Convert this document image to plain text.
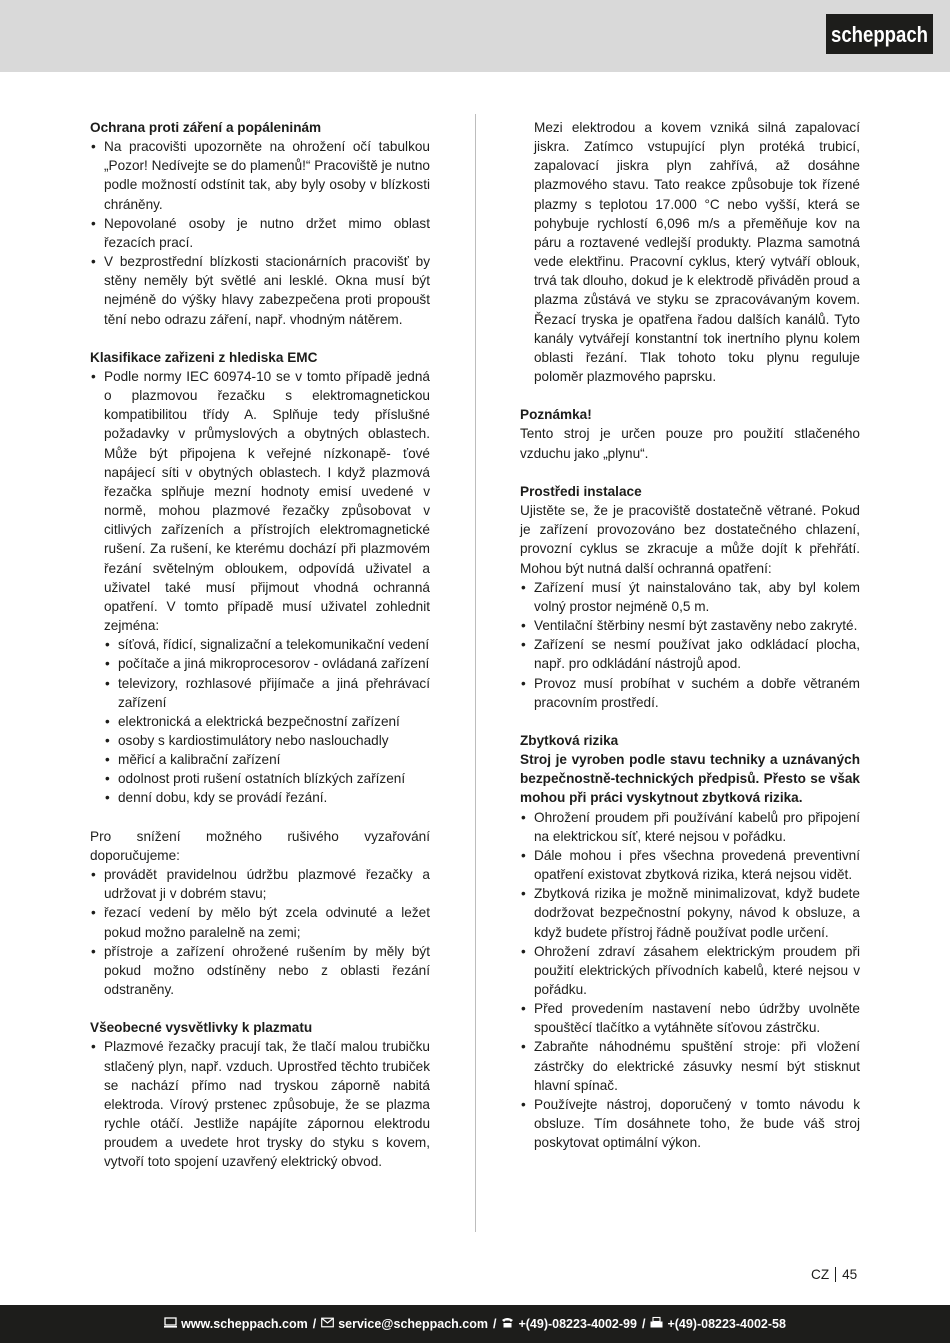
scheppach

Ochrana proti záření a popáleninám

• Na pracovišti upozorněte na ohrožení očí tabulkou „Pozor! Nedívejte se do plamenů!“ Pracoviště je nutno podle možností odstínit tak, aby byly osoby v blízkosti chráněny.
• Nepovolané osoby je nutno držet mimo oblast řezacích prací.
• V bezprostřední blízkosti stacionárních pracovišť by stěny neměly být světlé ani lesklé. Okna musí být nejméně do výšky hlavy zabezpečena proti propoušt tění nebo odrazu záření, např. vhodným nátěrem.

Klasifikace zařizeni z hlediska EMC

• Podle normy IEC 60974-10 se v tomto případě jedná o plazmovou řezačku s elektromagnetickou kompatibilitou třídy A. Splňuje tedy příslušné požadavky v průmyslových a obytných oblastech. Může být připojena k veřejné nízkonapě- ťové napájecí síti v obytných oblastech. I když plazmová řezačka splňuje mezní hodnoty emisí uvedené v normě, mohou plazmové řezačky způsobovat v citlivých zařízeních a přístrojích elektromagnetické rušení. Za rušení, ke kterému dochází při plazmovém řezání světelným obloukem, odpovídá uživatel a uživatel také musí přijmout vhodná ochranná opatření. V tomto případě musí uživatel zohlednit zejména:
• síťová, řídicí, signalizační a telekomunikační vedení
• počítače a jiná mikroprocesorov - ovládaná zařízení
• televizory, rozhlasové přijímače a jiná přehrávací zařízení
• elektronická a elektrická bezpečnostní zařízení
• osoby s kardiostimulátory nebo naslouchadly
• měřicí a kalibrační zařízení
• odolnost proti rušení ostatních blízkých zařízení
• denní dobu, kdy se provádí řezání.

Pro snížení možného rušivého vyzařování doporučujeme:

• provádět pravidelnou údržbu plazmové řezačky a udržovat ji v dobrém stavu;
• řezací vedení by mělo být zcela odvinuté a ležet pokud možno paralelně na zemi;
• přístroje a zařízení ohrožené rušením by měly být pokud možno odstíněny nebo z oblasti řezání odstraněny.

Všeobecné vysvětlivky k plazmatu

• Plazmové řezačky pracují tak, že tlačí malou trubičku stlačený plyn, např. vzduch. Uprostřed těchto trubiček se nachází přímo nad tryskou záporně nabitá elektroda. Vírový prstenec způsobuje, že se plazma rychle otáčí. Jestliže napájíte zápornou elektrodu proudem a uvedete hrot trysky do styku s kovem, vytvoří toto spojení uzavřený elektrický obvod.

Mezi elektrodou a kovem vzniká silná zapalovací jiskra. Zatímco vstupující plyn protéká trubicí, zapalovací jiskra plyn zahřívá, až dosáhne plazmového stavu. Tato reakce způsobuje tok řízené plazmy s teplotou 17.000 °C nebo vyšší, která se pohybuje rychlostí 6,096 m/s a přeměňuje kov na páru a roztavené vedlejší produkty. Plazma samotná vede elektřinu. Pracovní cyklus, který vytváří oblouk, trvá tak dlouho, dokud je k elektrodě přiváděn proud a plazma zůstává ve styku se zpracovávaným kovem. Řezací tryska je opatřena řadou dalších kanálů. Tyto kanály vytvářejí konstantní tok inertního plynu kolem oblasti řezání. Tlak tohoto toku plynu reguluje poloměr plazmového paprsku.

Poznámka!

Tento stroj je určen pouze pro použití stlačeného vzduchu jako „plynu“.

Prostředi instalace

Ujistěte se, že je pracoviště dostatečně větrané. Pokud je zařízení provozováno bez dostatečného chlazení, provozní cyklus se zkracuje a může dojít k přehřátí. Mohou být nutná další ochranná opatření:

• Zařízení musí ýt nainstalováno tak, aby byl kolem volný prostor nejméně 0,5 m.
• Ventilační štěrbiny nesmí být zastavěny nebo zakryté.
• Zařízení se nesmí používat jako odkládací plocha, např. pro odkládání nástrojů apod.
• Provoz musí probíhat v suchém a dobře větraném pracovním prostředí.

Zbytková rizika

Stroj je vyroben podle stavu techniky a uznávaných bezpečnostně-technických předpisů. Přesto se však mohou při práci vyskytnout zbytková rizika.

• Ohrožení proudem při používání kabelů pro připojení na elektrickou síť, které nejsou v pořádku.
• Dále mohou i přes všechna provedená preventivní opatření existovat zbytková rizika, která nejsou vidět.
• Zbytková rizika je možně minimalizovat, když budete dodržovat bezpečnostní pokyny, návod k obsluze, a když budete přístroj řádně používat podle určení.
• Ohrožení zdraví zásahem elektrickým proudem při použití elektrických přívodních kabelů, které nejsou v pořádku.
• Před provedením nastavení nebo údržby uvolněte spouštěcí tlačítko a vytáhněte síťovou zástrčku.
• Zabraňte náhodnému spuštění stroje: při vložení zástrčky do elektrické zásuvky nesmí být stisknut hlavní spínač.
• Používejte nástroj, doporučený v tomto návodu k obsluze. Tím dosáhnete toho, že bude váš stroj poskytovat optimální výkon.
CZ 45
www.scheppach.com / service@scheppach.com / +(49)-08223-4002-99 / +(49)-08223-4002-58
